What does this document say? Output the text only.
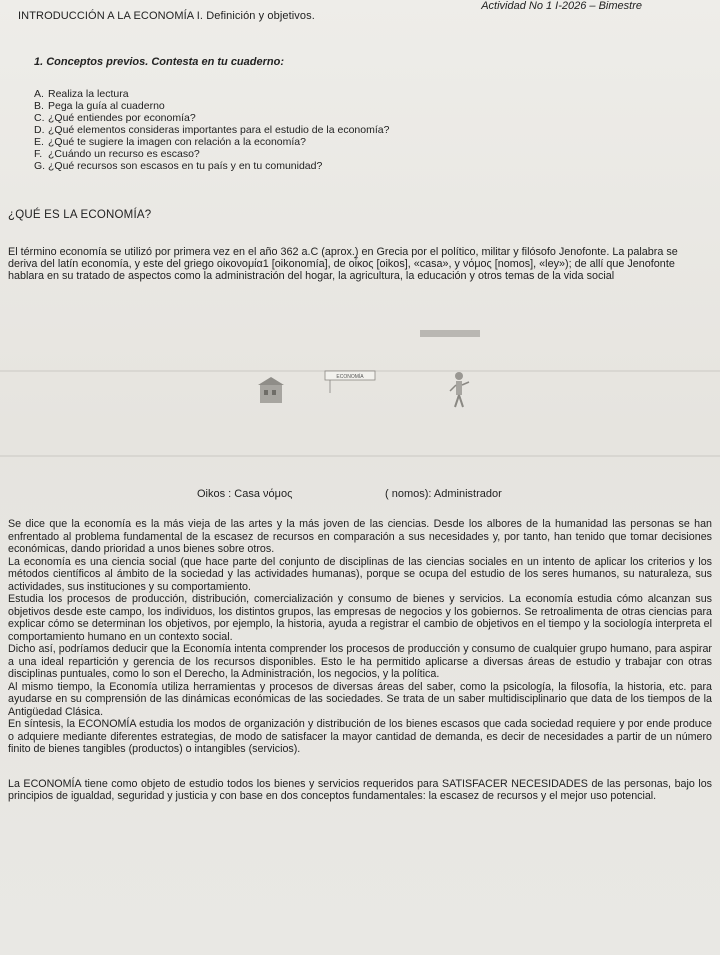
INTRODUCCIÓN A LA ECONOMÍA I. Definición y objetivos.
Actividad No 1 I-2026 – Bimestre
1. Conceptos previos. Contesta en tu cuaderno:
A. Realiza la lectura
B. Pega la guía al cuaderno
C. ¿Qué entiendes por economía?
D. ¿Qué elementos consideras importantes para el estudio de la economía?
E. ¿Qué te sugiere la imagen con relación a la economía?
F. ¿Cuándo un recurso es escaso?
G. ¿Qué recursos son escasos en tu país y en tu comunidad?
¿QUÉ ES LA ECONOMÍA?
El término economía se utilizó por primera vez en el año 362 a.C (aprox.) en Grecia por el político, militar y filósofo Jenofonte. La palabra se deriva del latín economía, y este del griego οἰκονομία1 [oikonomía], de οἶκος [oikos], «casa», y νόμος [nomos], «ley»); de allí que Jenofonte hablara en su tratado de aspectos como la administración del hogar, la agricultura, la educación y otros temas de la vida social
ECONOMÍA
Oikos : Casa νόμος	( nomos): Administrador

Se dice que la economía es la más vieja de las artes y la más joven de las ciencias. Desde los albores de la humanidad las personas se han enfrentado al problema fundamental de la escasez de recursos en comparación a sus necesidades y, por tanto, han tenido que tomar decisiones económicas, dando prioridad a unos bienes sobre otros.

La economía es una ciencia social (que hace parte del conjunto de disciplinas de las ciencias sociales en un intento de aplicar los criterios y los métodos científicos al ámbito de la sociedad y las actividades humanas), porque se ocupa del estudio de los seres humanos, su naturaleza, sus actividades, sus instituciones y su comportamiento.

Estudia los procesos de producción, distribución, comercialización y consumo de bienes y servicios. La economía estudia cómo alcanzan sus objetivos desde este campo, los individuos, los distintos grupos, las empresas de negocios y los gobiernos. Se retroalimenta de otras ciencias para explicar cómo se determinan los objetivos, por ejemplo, la historia, ayuda a registrar el cambio de objetivos en el tiempo y la sociología interpreta el comportamiento humano en un contexto social.

Dicho así, podríamos deducir que la Economía intenta comprender los procesos de producción y consumo de cualquier grupo humano, para aspirar a una ideal repartición y gerencia de los recursos disponibles. Esto le ha permitido aplicarse a diversas áreas de estudio y trabajar con otras disciplinas puntuales, como lo son el Derecho, la Administración, los negocios, y la política.

Al mismo tiempo, la Economía utiliza herramientas y procesos de diversas áreas del saber, como la psicología, la filosofía, la historia, etc. para ayudarse en su comprensión de las dinámicas económicas de las sociedades. Se trata de un saber multidisciplinario que data de los tiempos de la Antigüedad Clásica.

En síntesis, la ECONOMÍA estudia los modos de organización y distribución de los bienes escasos que cada sociedad requiere y por ende produce o adquiere mediante diferentes estrategias, de modo de satisfacer la mayor cantidad de demanda, es decir de necesidades a partir de un número finito de bienes tangibles (productos) o intangibles (servicios).

La ECONOMÍA tiene como objeto de estudio todos los bienes y servicios requeridos para SATISFACER NECESIDADES de las personas, bajo los principios de igualdad, seguridad y justicia y con base en dos conceptos fundamentales: la escasez de recursos y el mejor uso potencial.
